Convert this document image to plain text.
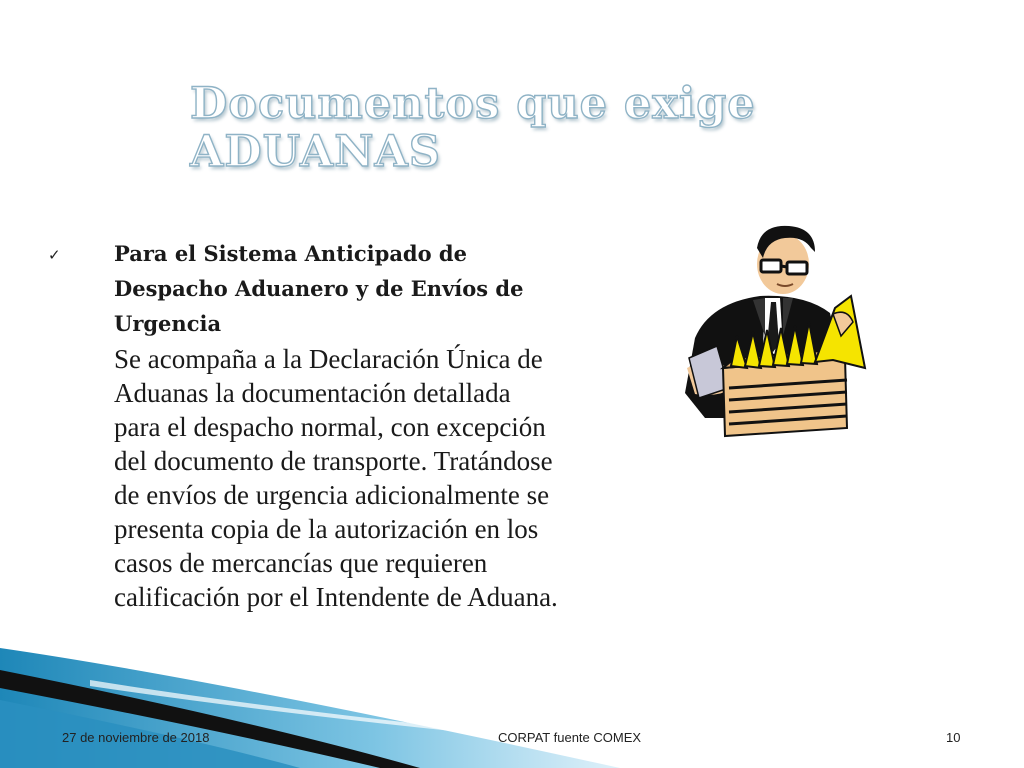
Documentos que exige
ADUANAS
✓	Para el Sistema Anticipado de
Despacho Aduanero y de Envíos de
Urgencia
Se acompaña a la Declaración Única de
Aduanas la documentación detallada
para el despacho normal, con excepción
del documento de transporte. Tratándose
de envíos de urgencia adicionalmente se
presenta copia de la autorización en los
casos de mercancías que requieren
calificación por el Intendente de Aduana.
27 de noviembre de 2018	CORPAT fuente COMEX	10
